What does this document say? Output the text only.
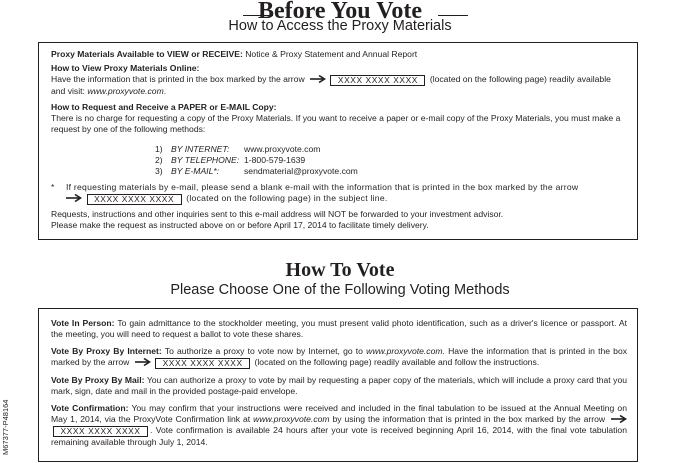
M67377-P48164
Before You Vote
How to Access the Proxy Materials

Proxy Materials Available to VIEW or RECEIVE: Notice & Proxy Statement and Annual Report

How to View Proxy Materials Online:

Have the information that is printed in the box marked by the arrow	XXXX XXXX XXXX (located on the following page) readily available
and visit: www.proxyvote.com.

How to Request and Receive a PAPER or E-MAIL Copy:

There is no charge for requesting a copy of the Proxy Materials. If you want to receive a paper or e-mail copy of the Proxy Materials, you must make a request by one of the following methods:

1) BY INTERNET:	www.proxyvote.com
2) BY TELEPHONE: 1-800-579-1639
3) BY E-MAIL*:	sendmaterial@proxyvote.com
*	If requesting materials by e-mail, please send a blank e-mail with the information that is printed in the box marked by the arrow
XXXX XXXX XXXX (located on the following page) in the subject line.

Requests, instructions and other inquiries sent to this e-mail address will NOT be forwarded to your investment advisor.

Please make the request as instructed above on or before April 17, 2014 to facilitate timely delivery.

How To Vote
Please Choose One of the Following Voting Methods

Vote In Person: To gain admittance to the stockholder meeting, you must present valid photo identification, such as a driver's licence or passport. At the meeting, you will need to request a ballot to vote these shares.

Vote By Proxy By Internet: To authorize a proxy to vote now by Internet, go to www.proxyvote.com. Have the information that is printed in the box marked by the arrow	XXXX XXXX XXXX (located on the following page) readily available and follow the instructions.

Vote By Proxy By Mail: You can authorize a proxy to vote by mail by requesting a paper copy of the materials, which will include a proxy card that you mark, sign, date and mail in the provided postage-paid envelope.

Vote Confirmation: You may confirm that your instructions were received and included in the final tabulation to be issued at the Annual Meeting on May 1, 2014, via the ProxyVote Confirmation link at www.proxyvote.com by using the information that is printed in the box marked by the arrow  XXXX XXXX XXXX . Vote confirmation is available 24 hours after your vote is received beginning April 16, 2014, with the final vote tabulation remaining available through July 1, 2014.
